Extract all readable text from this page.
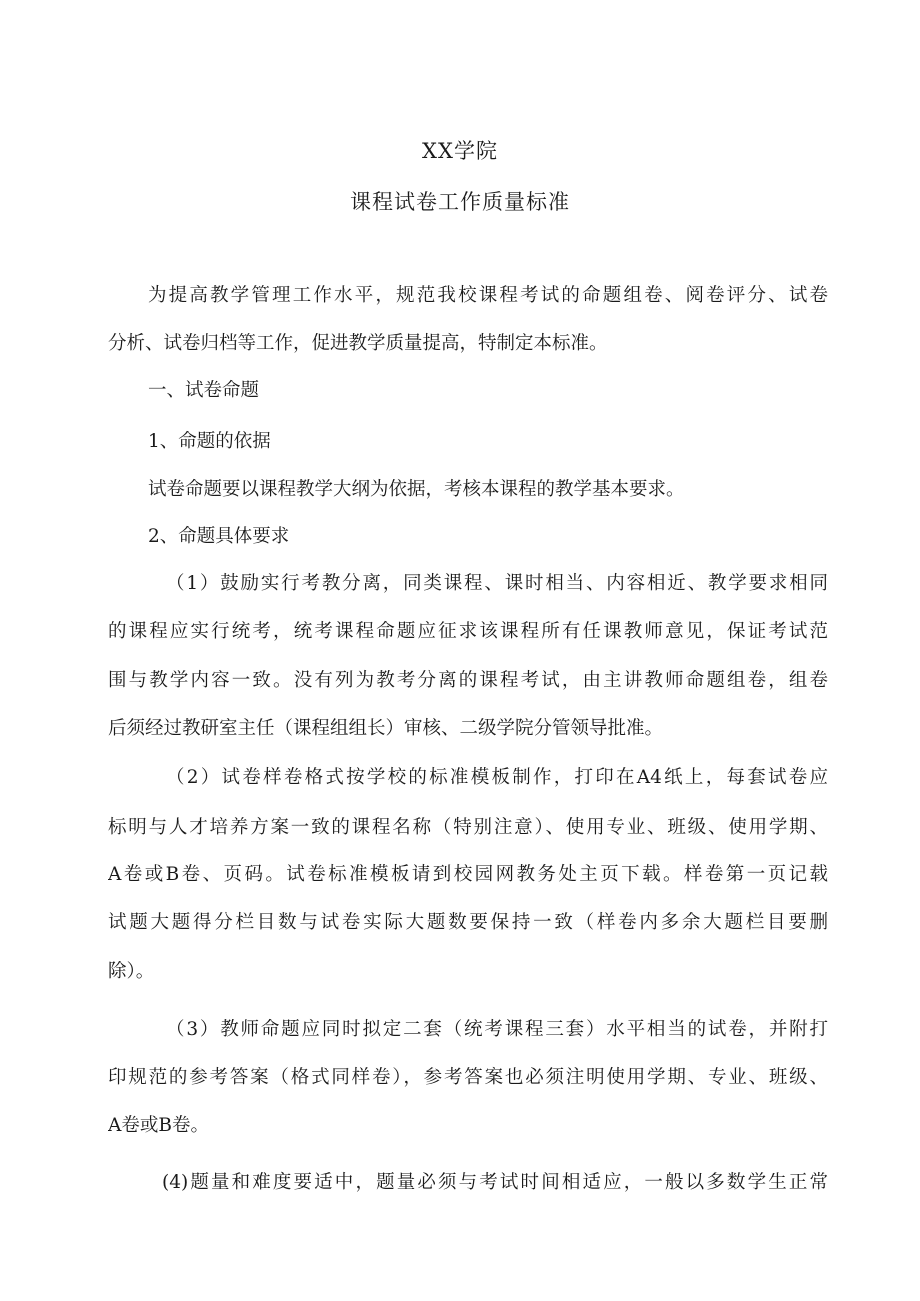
XX学院
课程试卷工作质量标准
为提高教学管理工作水平，规范我校课程考试的命题组卷、阅卷评分、试卷
分析、试卷归档等工作，促进教学质量提高，特制定本标准。
一、试卷命题
1、命题的依据
试卷命题要以课程教学大纲为依据，考核本课程的教学基本要求。
2、命题具体要求
（1）鼓励实行考教分离，同类课程、课时相当、内容相近、教学要求相同
的课程应实行统考，统考课程命题应征求该课程所有任课教师意见，保证考试范
围与教学内容一致。没有列为教考分离的课程考试，由主讲教师命题组卷，组卷
后须经过教研室主任（课程组组长）审核、二级学院分管领导批准。
（2）试卷样卷格式按学校的标准模板制作，打印在A4纸上，每套试卷应
标明与人才培养方案一致的课程名称（特别注意）、使用专业、班级、使用学期、
A卷或B卷、页码。试卷标准模板请到校园网教务处主页下载。样卷第一页记载
试题大题得分栏目数与试卷实际大题数要保持一致（样卷内多余大题栏目要删
除）。
（3）教师命题应同时拟定二套（统考课程三套）水平相当的试卷，并附打
印规范的参考答案（格式同样卷），参考答案也必须注明使用学期、专业、班级、
A卷或B卷。
(4)题量和难度要适中，题量必须与考试时间相适应，一般以多数学生正常
